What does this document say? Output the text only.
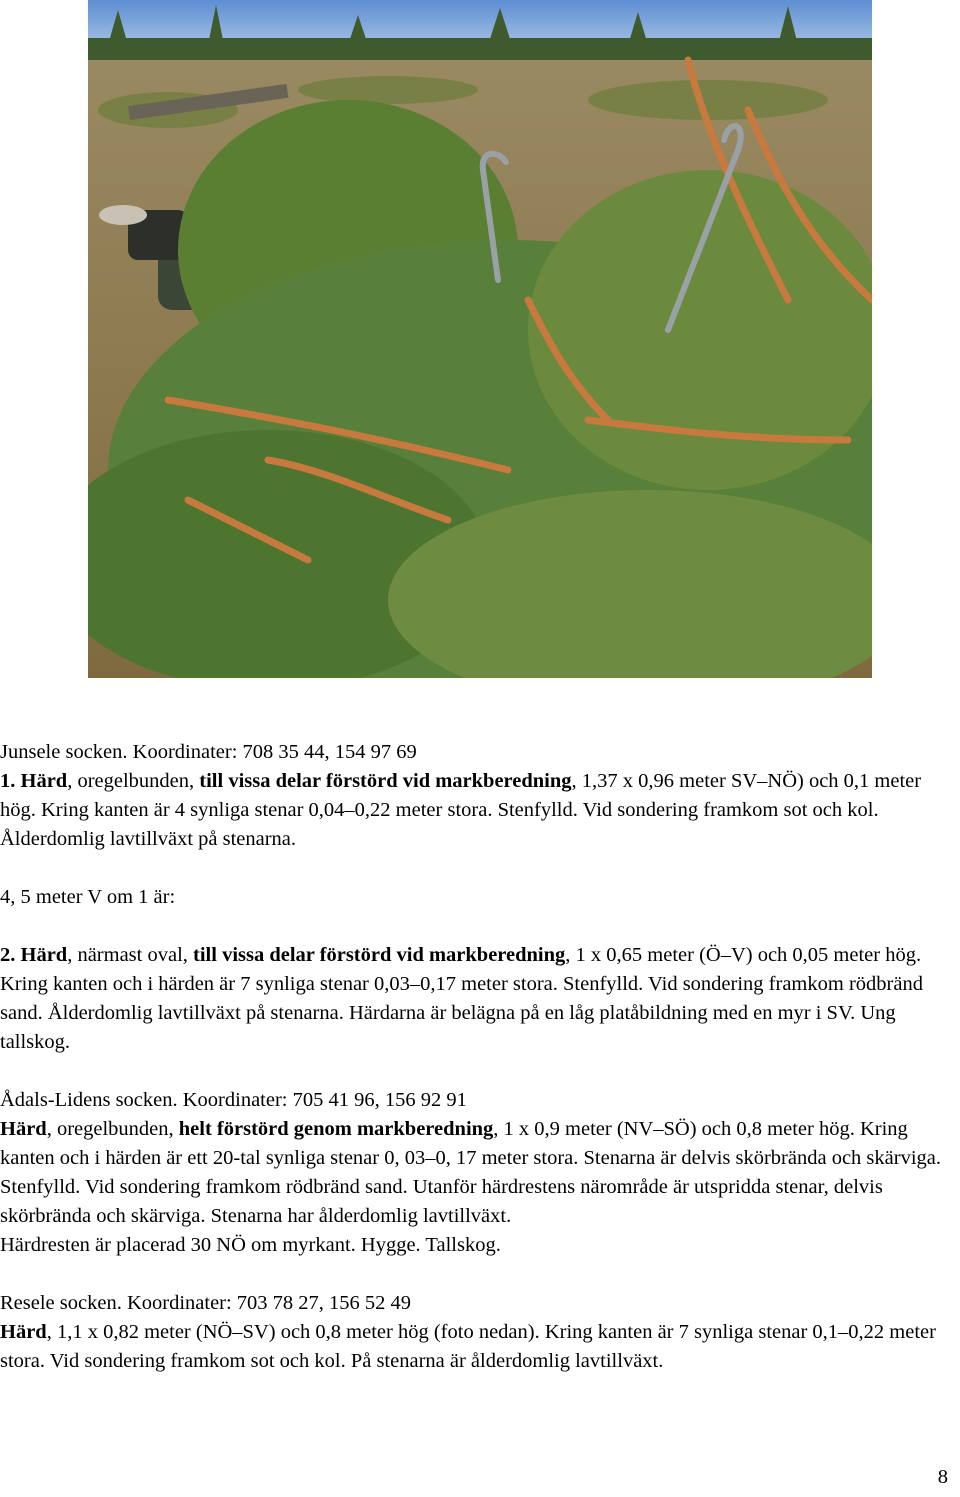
Junsele socken. Koordinater: 708 35 44, 154 97 69

1. Härd, oregelbunden, till vissa delar förstörd vid markberedning, 1,37 x 0,96 meter SV–NÖ) och 0,1 meter hög. Kring kanten är 4 synliga stenar 0,04–0,22 meter stora. Stenfylld. Vid sondering framkom sot och kol. Ålderdomlig lavtillväxt på stenarna.

4, 5 meter V om 1 är:

2. Härd, närmast oval, till vissa delar förstörd vid markberedning, 1 x 0,65 meter (Ö–V) och 0,05 meter hög. Kring kanten och i härden är 7 synliga stenar 0,03–0,17 meter stora. Stenfylld. Vid sondering framkom rödbränd sand. Ålderdomlig lavtillväxt på stenarna. Härdarna är belägna på en låg platåbildning med en myr i SV. Ung tallskog.

Ådals-Lidens socken. Koordinater: 705 41 96, 156 92 91

Härd, oregelbunden, helt förstörd genom markberedning, 1 x 0,9 meter (NV–SÖ) och 0,8 meter hög. Kring kanten och i härden är ett 20-tal synliga stenar 0, 03–0, 17 meter stora. Stenarna är delvis skörbrända och skärviga. Stenfylld. Vid sondering framkom rödbränd sand. Utanför härdrestens närområde är utspridda stenar, delvis skörbrända och skärviga. Stenarna har ålderdomlig lavtillväxt.

Härdresten är placerad 30 NÖ om myrkant. Hygge. Tallskog.

Resele socken. Koordinater: 703 78 27, 156 52 49

Härd, 1,1 x 0,82 meter (NÖ–SV) och 0,8 meter hög (foto nedan). Kring kanten är 7 synliga stenar 0,1–0,22 meter stora. Vid sondering framkom sot och kol. På stenarna är ålderdomlig lavtillväxt.

8
